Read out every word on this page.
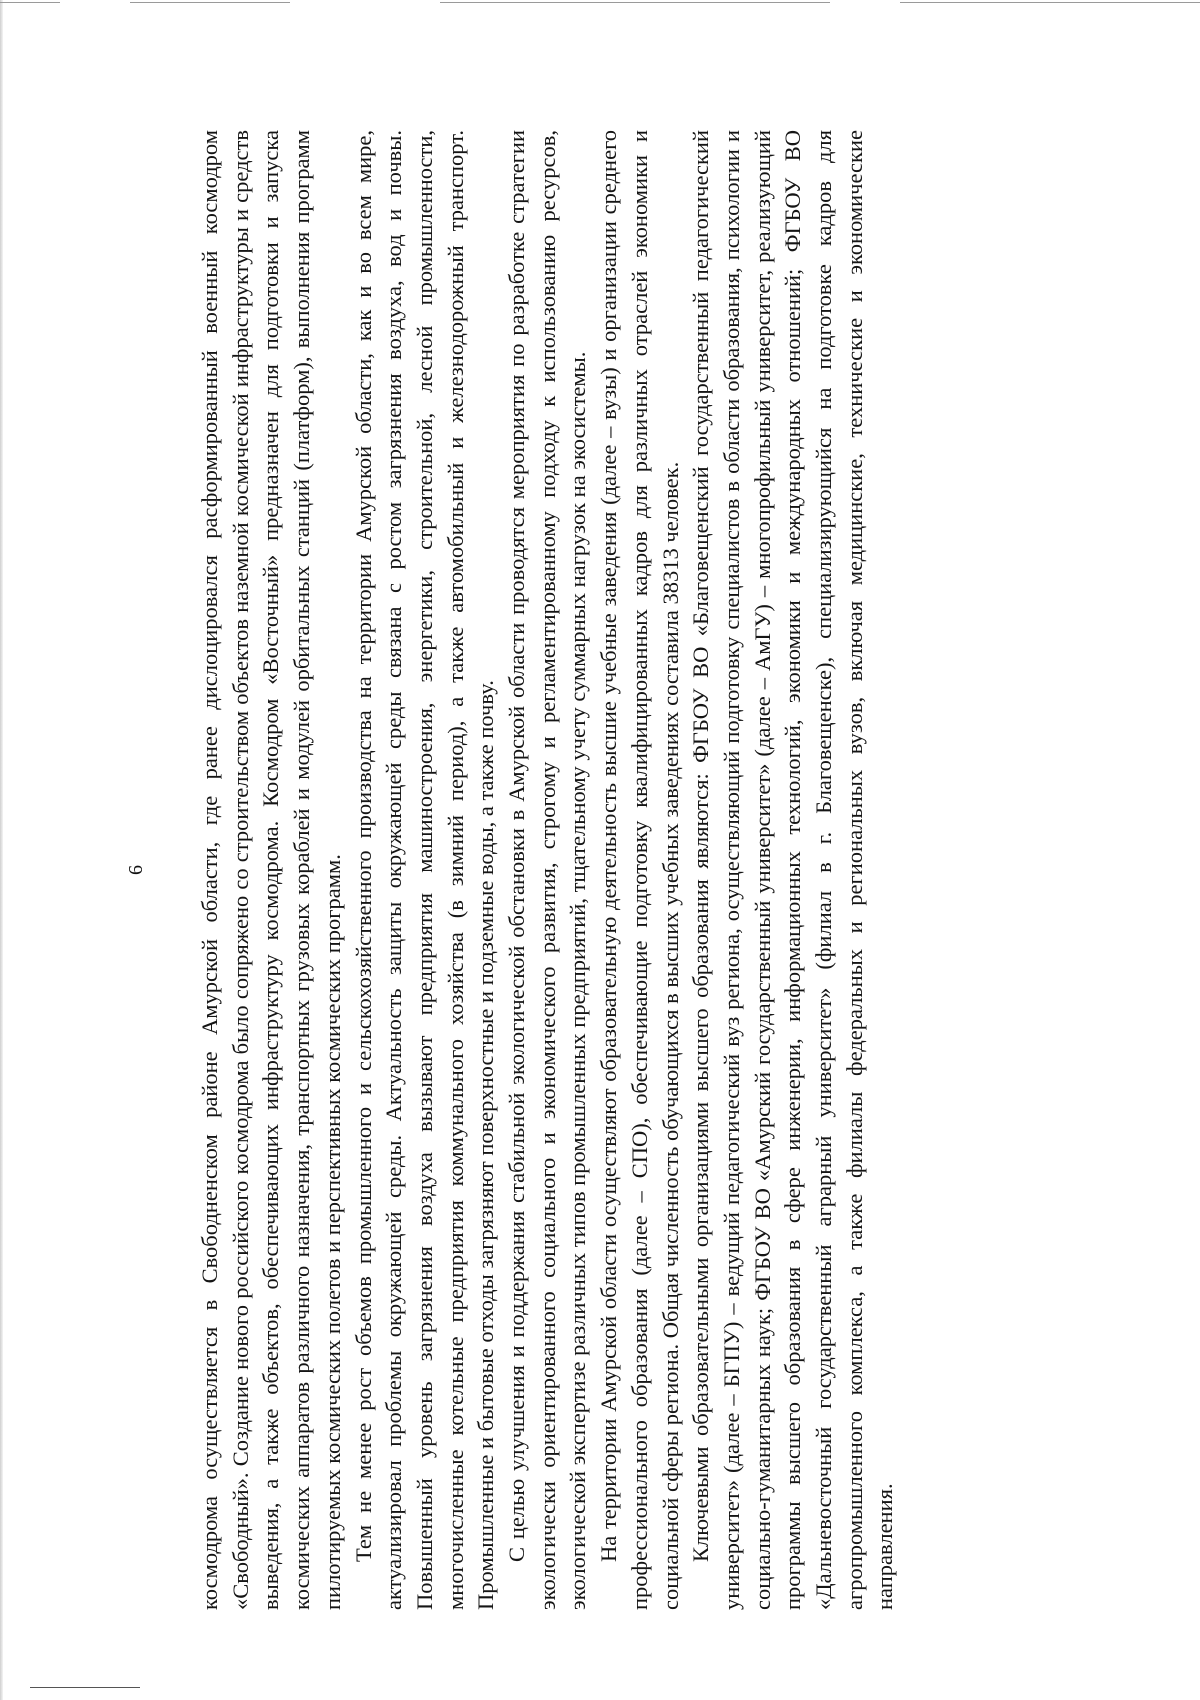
6 космодрома осуществляется в Свободненском районе Амурской области, где ранее дислоцировался расформированный военный космодром «Свободный». Создание нового российского космодрома было сопряжено со строительством объектов наземной космической инфраструктуры и средств выведения, а также объектов, обеспечивающих инфраструктуру космодрома. Космодром «Восточный» предназначен для подготовки и запуска космических аппаратов различного назначения, транспортных грузовых кораблей и модулей орбитальных станций (платформ), выполнения программ пилотируемых космических полетов и перспективных космических программ. Тем не менее рост объемов промышленного и сельскохозяйственного производства на территории Амурской области, как и во всем мире, актуализировал проблемы окружающей среды. Актуальность защиты окружающей среды связана с ростом загрязнения воздуха, вод и почвы. Повышенный уровень загрязнения воздуха вызывают предприятия машиностроения, энергетики, строительной, лесной промышленности, многочисленные котельные предприятия коммунального хозяйства (в зимний период), а также автомобильный и железнодорожный транспорт. Промышленные и бытовые отходы загрязняют поверхностные и подземные воды, а также почву. С целью улучшения и поддержания стабильной экологической обстановки в Амурской области проводятся мероприятия по разработке стратегии экологически ориентированного социального и экономического развития, строгому и регламентированному подходу к использованию ресурсов, экологической экспертизе различных типов промышленных предприятий, тщательному учету суммарных нагрузок на экосистемы. На территории Амурской области осуществляют образовательную деятельность высшие учебные заведения (далее – вузы) и организации среднего профессионального образования (далее – СПО), обеспечивающие подготовку квалифицированных кадров для различных отраслей экономики и социальной сферы региона. Общая численность обучающихся в высших учебных заведениях составила 38313 человек. Ключевыми образовательными организациями высшего образования являются: ФГБОУ ВО «Благовещенский государственный педагогический университет» (далее – БГПУ) – ведущий педагогический вуз региона, осуществляющий подготовку специалистов в области образования, психологии и социально-гуманитарных наук; ФГБОУ ВО «Амурский государственный университет» (далее – АмГУ) – многопрофильный университет, реализующий программы высшего образования в сфере инженерии, информационных технологий, экономики и международных отношений; ФГБОУ ВО «Дальневосточный государственный аграрный университет» (филиал в г. Благовещенске), специализирующийся на подготовке кадров для агропромышленного комплекса, а также филиалы федеральных и региональных вузов, включая медицинские, технические и экономические направления.
